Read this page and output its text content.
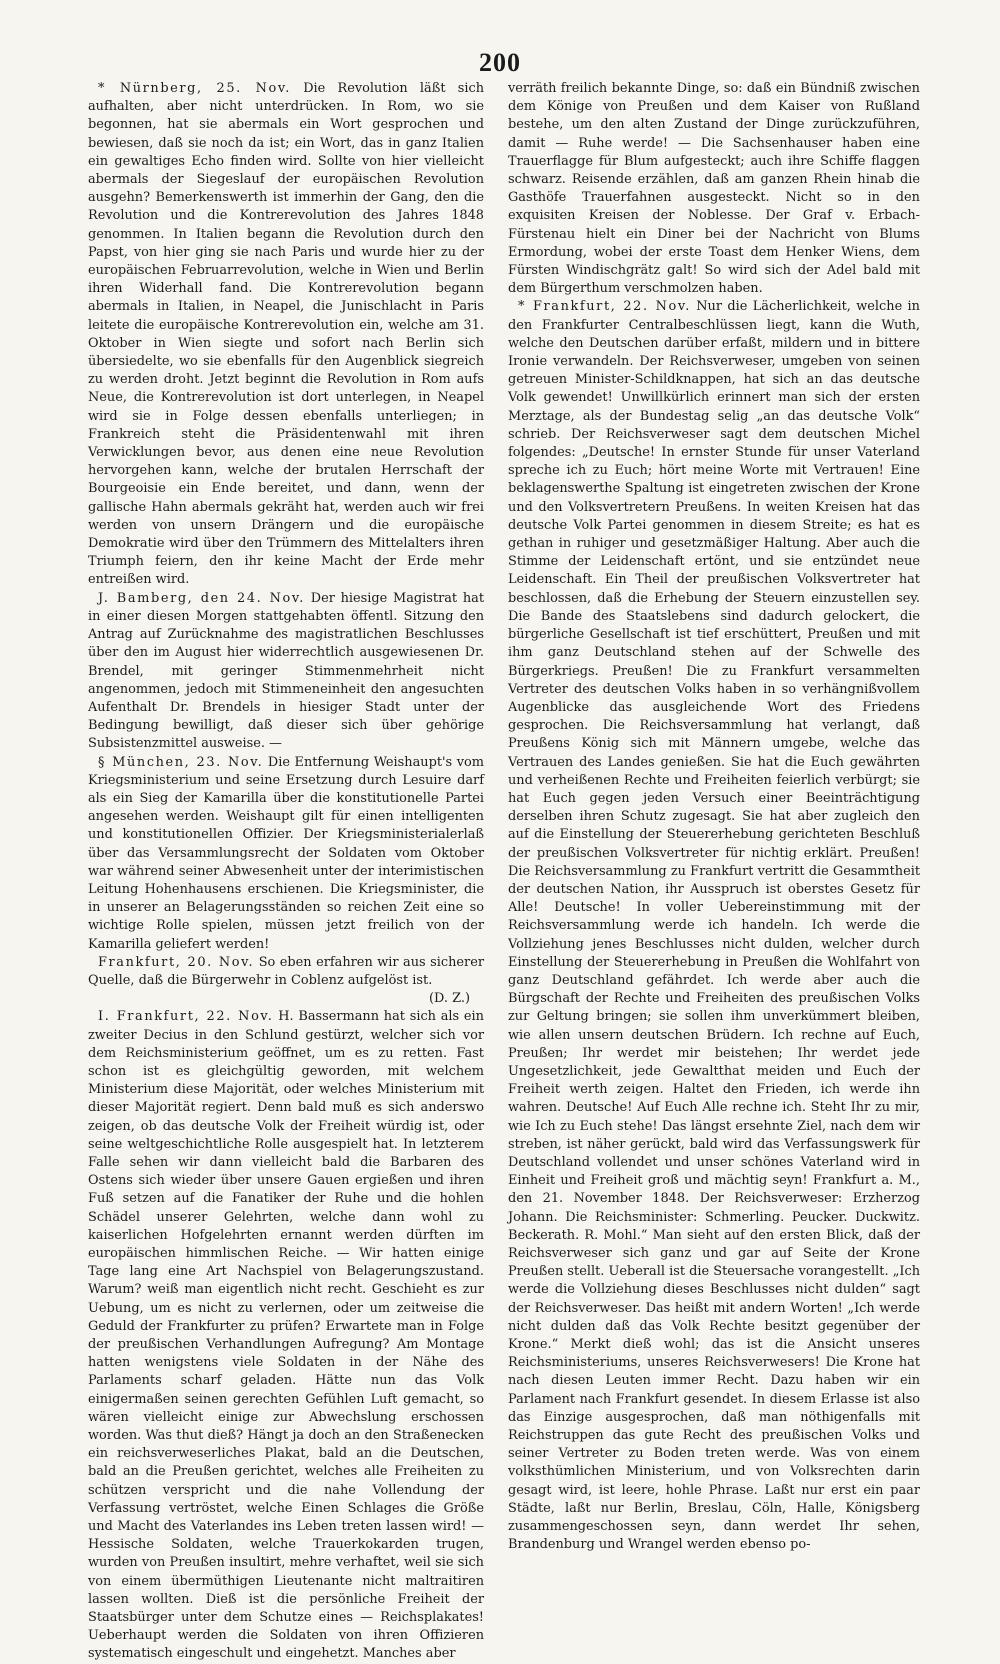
200

* Nürnberg, 25. Nov. Die Revolution läßt sich aufhalten, aber nicht unterdrücken. In Rom, wo sie begonnen, hat sie abermals ein Wort gesprochen und bewiesen, daß sie noch da ist; ein Wort, das in ganz Italien ein gewaltiges Echo finden wird. Sollte von hier vielleicht abermals der Siegeslauf der europäischen Revolution ausgehn? Bemerkenswerth ist immerhin der Gang, den die Revolution und die Kontrerevolution des Jahres 1848 genommen. In Italien begann die Revolution durch den Papst, von hier ging sie nach Paris und wurde hier zu der europäischen Februarrevolution, welche in Wien und Berlin ihren Widerhall fand. Die Kontrerevolution begann abermals in Italien, in Neapel, die Junischlacht in Paris leitete die europäische Kontrerevolution ein, welche am 31. Oktober in Wien siegte und sofort nach Berlin sich übersiedelte, wo sie ebenfalls für den Augenblick siegreich zu werden droht. Jetzt beginnt die Revolution in Rom aufs Neue, die Kontrerevolution ist dort unterlegen, in Neapel wird sie in Folge dessen ebenfalls unterliegen; in Frankreich steht die Präsidentenwahl mit ihren Verwicklungen bevor, aus denen eine neue Revolution hervorgehen kann, welche der brutalen Herrschaft der Bourgeoisie ein Ende bereitet, und dann, wenn der gallische Hahn abermals gekräht hat, werden auch wir frei werden von unsern Drängern und die europäische Demokratie wird über den Trümmern des Mittelalters ihren Triumph feiern, den ihr keine Macht der Erde mehr entreißen wird.

J. Bamberg, den 24. Nov. Der hiesige Magistrat hat in einer diesen Morgen stattgehabten öffentl. Sitzung den Antrag auf Zurücknahme des magistratlichen Beschlusses über den im August hier widerrechtlich ausgewiesenen Dr. Brendel, mit geringer Stimmenmehrheit nicht angenommen, jedoch mit Stimmeneinheit den angesuchten Aufenthalt Dr. Brendels in hiesiger Stadt unter der Bedingung bewilligt, daß dieser sich über gehörige Subsistenzmittel ausweise. —

§ München, 23. Nov. Die Entfernung Weishaupt's vom Kriegsministerium und seine Ersetzung durch Lesuire darf als ein Sieg der Kamarilla über die konstitutionelle Partei angesehen werden. Weishaupt gilt für einen intelligenten und konstitutionellen Offizier. Der Kriegsministerialerlaß über das Versammlungsrecht der Soldaten vom Oktober war während seiner Abwesenheit unter der interimistischen Leitung Hohenhausens erschienen. Die Kriegsminister, die in unserer an Belagerungsständen so reichen Zeit eine so wichtige Rolle spielen, müssen jetzt freilich von der Kamarilla geliefert werden!

Frankfurt, 20. Nov. So eben erfahren wir aus sicherer Quelle, daß die Bürgerwehr in Coblenz aufgelöst ist.

(D. Z.)

I. Frankfurt, 22. Nov. H. Bassermann hat sich als ein zweiter Decius in den Schlund gestürzt, welcher sich vor dem Reichsministerium geöffnet, um es zu retten. Fast schon ist es gleichgültig geworden, mit welchem Ministerium diese Majorität, oder welches Ministerium mit dieser Majorität regiert. Denn bald muß es sich anderswo zeigen, ob das deutsche Volk der Freiheit würdig ist, oder seine weltgeschichtliche Rolle ausgespielt hat. In letzterem Falle sehen wir dann vielleicht bald die Barbaren des Ostens sich wieder über unsere Gauen ergießen und ihren Fuß setzen auf die Fanatiker der Ruhe und die hohlen Schädel unserer Gelehrten, welche dann wohl zu kaiserlichen Hofgelehrten ernannt werden dürften im europäischen himmlischen Reiche. — Wir hatten einige Tage lang eine Art Nachspiel von Belagerungszustand. Warum? weiß man eigentlich nicht recht. Geschieht es zur Uebung, um es nicht zu verlernen, oder um zeitweise die Geduld der Frankfurter zu prüfen? Erwartete man in Folge der preußischen Verhandlungen Aufregung? Am Montage hatten wenigstens viele Soldaten in der Nähe des Parlaments scharf geladen. Hätte nun das Volk einigermaßen seinen gerechten Gefühlen Luft gemacht, so wären vielleicht einige zur Abwechslung erschossen worden. Was thut dieß? Hängt ja doch an den Straßenecken ein reichsverweserliches Plakat, bald an die Deutschen, bald an die Preußen gerichtet, welches alle Freiheiten zu schützen verspricht und die nahe Vollendung der Verfassung vertröstet, welche Einen Schlages die Größe und Macht des Vaterlandes ins Leben treten lassen wird! — Hessische Soldaten, welche Trauerkokarden trugen, wurden von Preußen insultirt, mehre verhaftet, weil sie sich von einem übermüthigen Lieutenante nicht maltraitiren lassen wollten. Dieß ist die persönliche Freiheit der Staatsbürger unter dem Schutze eines — Reichsplakates! Ueberhaupt werden die Soldaten von ihren Offizieren systematisch eingeschult und eingehetzt. Manches aber

verräth freilich bekannte Dinge, so: daß ein Bündniß zwischen dem Könige von Preußen und dem Kaiser von Rußland bestehe, um den alten Zustand der Dinge zurückzuführen, damit — Ruhe werde! — Die Sachsenhauser haben eine Trauerflagge für Blum aufgesteckt; auch ihre Schiffe flaggen schwarz. Reisende erzählen, daß am ganzen Rhein hinab die Gasthöfe Trauerfahnen ausgesteckt. Nicht so in den exquisiten Kreisen der Noblesse. Der Graf v. Erbach-Fürstenau hielt ein Diner bei der Nachricht von Blums Ermordung, wobei der erste Toast dem Henker Wiens, dem Fürsten Windischgrätz galt! So wird sich der Adel bald mit dem Bürgerthum verschmolzen haben.

* Frankfurt, 22. Nov. Nur die Lächerlichkeit, welche in den Frankfurter Centralbeschlüssen liegt, kann die Wuth, welche den Deutschen darüber erfaßt, mildern und in bittere Ironie verwandeln. Der Reichsverweser, umgeben von seinen getreuen Minister-Schildknappen, hat sich an das deutsche Volk gewendet! Unwillkürlich erinnert man sich der ersten Merztage, als der Bundestag selig „an das deutsche Volk“ schrieb. Der Reichsverweser sagt dem deutschen Michel folgendes: „Deutsche! In ernster Stunde für unser Vaterland spreche ich zu Euch; hört meine Worte mit Vertrauen! Eine beklagenswerthe Spaltung ist eingetreten zwischen der Krone und den Volksvertretern Preußens. In weiten Kreisen hat das deutsche Volk Partei genommen in diesem Streite; es hat es gethan in ruhiger und gesetzmäßiger Haltung. Aber auch die Stimme der Leidenschaft ertönt, und sie entzündet neue Leidenschaft. Ein Theil der preußischen Volksvertreter hat beschlossen, daß die Erhebung der Steuern einzustellen sey. Die Bande des Staatslebens sind dadurch gelockert, die bürgerliche Gesellschaft ist tief erschüttert, Preußen und mit ihm ganz Deutschland stehen auf der Schwelle des Bürgerkriegs. Preußen! Die zu Frankfurt versammelten Vertreter des deutschen Volks haben in so verhängnißvollem Augenblicke das ausgleichende Wort des Friedens gesprochen. Die Reichsversammlung hat verlangt, daß Preußens König sich mit Männern umgebe, welche das Vertrauen des Landes genießen. Sie hat die Euch gewährten und verheißenen Rechte und Freiheiten feierlich verbürgt; sie hat Euch gegen jeden Versuch einer Beeinträchtigung derselben ihren Schutz zugesagt. Sie hat aber zugleich den auf die Einstellung der Steuererhebung gerichteten Beschluß der preußischen Volksvertreter für nichtig erklärt. Preußen! Die Reichsversammlung zu Frankfurt vertritt die Gesammtheit der deutschen Nation, ihr Ausspruch ist oberstes Gesetz für Alle! Deutsche! In voller Uebereinstimmung mit der Reichsversammlung werde ich handeln. Ich werde die Vollziehung jenes Beschlusses nicht dulden, welcher durch Einstellung der Steuererhebung in Preußen die Wohlfahrt von ganz Deutschland gefährdet. Ich werde aber auch die Bürgschaft der Rechte und Freiheiten des preußischen Volks zur Geltung bringen; sie sollen ihm unverkümmert bleiben, wie allen unsern deutschen Brüdern. Ich rechne auf Euch, Preußen; Ihr werdet mir beistehen; Ihr werdet jede Ungesetzlichkeit, jede Gewaltthat meiden und Euch der Freiheit werth zeigen. Haltet den Frieden, ich werde ihn wahren. Deutsche! Auf Euch Alle rechne ich. Steht Ihr zu mir, wie Ich zu Euch stehe! Das längst ersehnte Ziel, nach dem wir streben, ist näher gerückt, bald wird das Verfassungswerk für Deutschland vollendet und unser schönes Vaterland wird in Einheit und Freiheit groß und mächtig seyn! Frankfurt a. M., den 21. November 1848. Der Reichsverweser: Erzherzog Johann. Die Reichsminister: Schmerling. Peucker. Duckwitz. Beckerath. R. Mohl.“ Man sieht auf den ersten Blick, daß der Reichsverweser sich ganz und gar auf Seite der Krone Preußen stellt. Ueberall ist die Steuersache vorangestellt. „Ich werde die Vollziehung dieses Beschlusses nicht dulden“ sagt der Reichsverweser. Das heißt mit andern Worten! „Ich werde nicht dulden daß das Volk Rechte besitzt gegenüber der Krone.“ Merkt dieß wohl; das ist die Ansicht unseres Reichsministeriums, unseres Reichsverwesers! Die Krone hat nach diesen Leuten immer Recht. Dazu haben wir ein Parlament nach Frankfurt gesendet. In diesem Erlasse ist also das Einzige ausgesprochen, daß man nöthigenfalls mit Reichstruppen das gute Recht des preußischen Volks und seiner Vertreter zu Boden treten werde. Was von einem volksthümlichen Ministerium, und von Volksrechten darin gesagt wird, ist leere, hohle Phrase. Laßt nur erst ein paar Städte, laßt nur Berlin, Breslau, Cöln, Halle, Königsberg zusammengeschossen seyn, dann werdet Ihr sehen, Brandenburg und Wrangel werden ebenso po-
